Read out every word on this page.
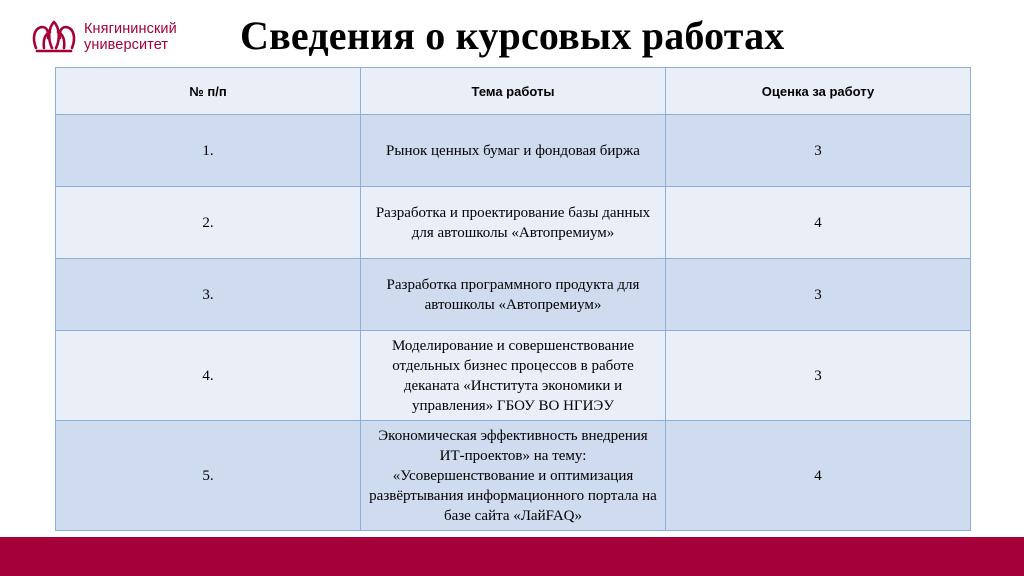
Княгининский
университет Сведения о курсовых работах
№ п/п	Тема работы	Оценка за работу
1.	Рынок ценных бумаг и фондовая биржа	3
2.	Разработка и проектирование базы данных для автошколы «Автопремиум»	4
3.	Разработка программного продукта для автошколы «Автопремиум»	3
4.	Моделирование и совершенствование отдельных бизнес процессов в работе деканата «Института экономики и управления» ГБОУ ВО НГИЭУ	3
5.	Экономическая эффективность внедрения ИТ-проектов» на тему: «Усовершенствование и оптимизация развёртывания информационного портала на базе сайта «ЛайFAQ»	4
